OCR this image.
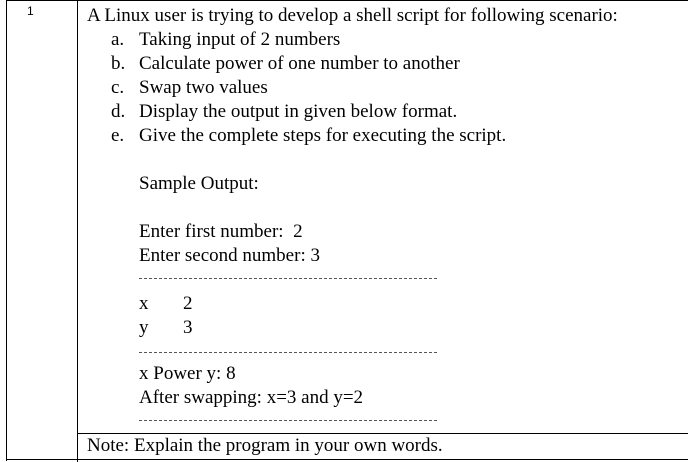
1	A Linux user is trying to develop a shell script for following scenario:
a. Taking input of 2 numbers
b. Calculate power of one number to another
c. Swap two values
d. Display the output in given below format.
e. Give the complete steps for executing the script.
Sample Output:
Enter first number:  2
Enter second number: 3
x 2
y 3
x Power y: 8
After swapping: x=3 and y=2
Note: Explain the program in your own words.
